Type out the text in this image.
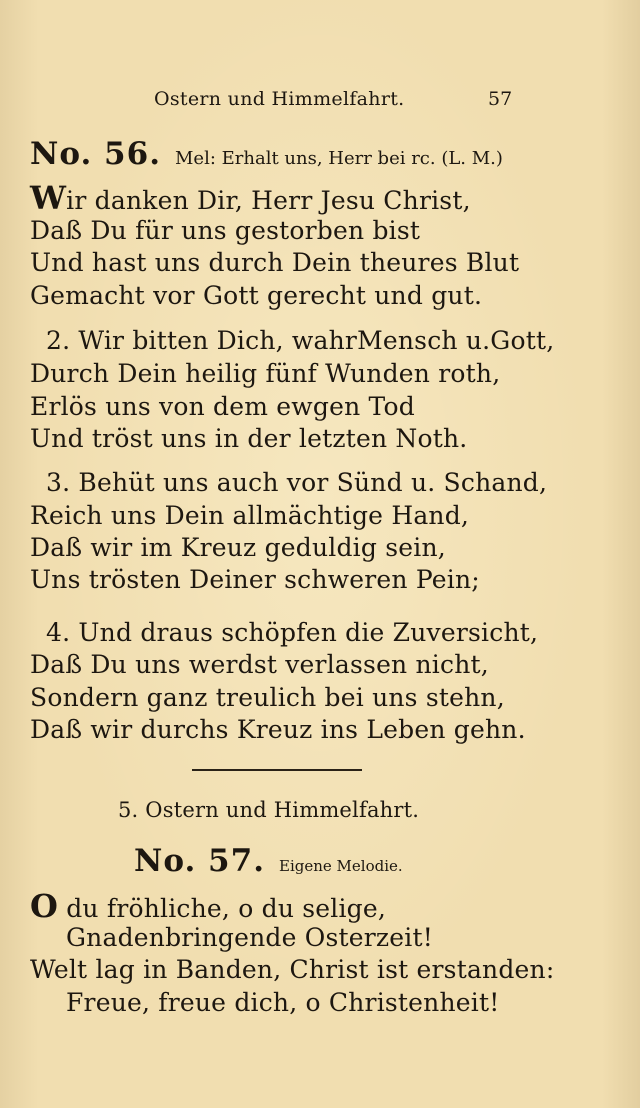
Ostern und Himmelfahrt.	57
No. 56. Mel: Erhalt uns, Herr bei rc. (L. M.)
Wir danken Dir, Herr Jesu Christ,
Daß Du für uns gestorben bist
Und hast uns durch Dein theures Blut
Gemacht vor Gott gerecht und gut.
2. Wir bitten Dich, wahrMensch u.Gott,
Durch Dein heilig fünf Wunden roth,
Erlös uns von dem ewgen Tod
Und tröst uns in der letzten Noth.
3. Behüt uns auch vor Sünd u. Schand,
Reich uns Dein allmächtige Hand,
Daß wir im Kreuz geduldig sein,
Uns trösten Deiner schweren Pein;
4. Und draus schöpfen die Zuversicht,
Daß Du uns werdst verlassen nicht,
Sondern ganz treulich bei uns stehn,
Daß wir durchs Kreuz ins Leben gehn.
5. Ostern und Himmelfahrt.
No. 57. Eigene Melodie.
O du fröhliche, o du selige,
Gnadenbringende Osterzeit!
Welt lag in Banden, Christ ist erstanden:
Freue, freue dich, o Christenheit!
